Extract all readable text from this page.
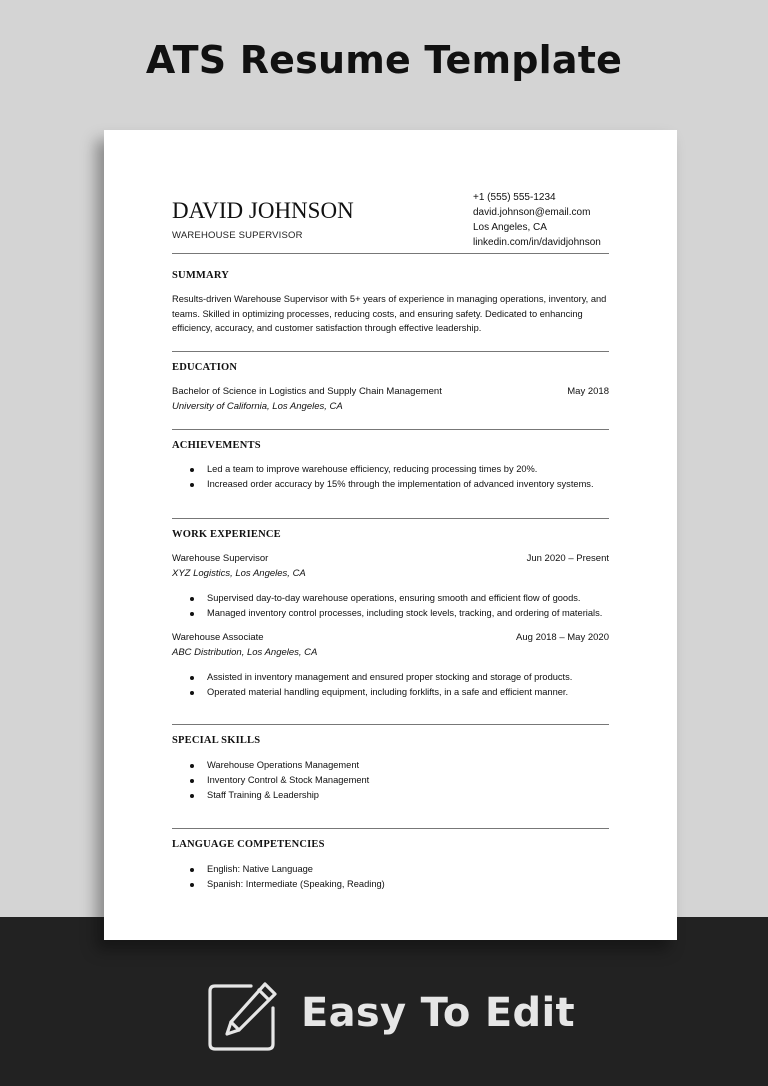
ATS Resume Template
DAVID JOHNSON
WAREHOUSE SUPERVISOR
+1 (555) 555-1234
david.johnson@email.com
Los Angeles, CA
linkedin.com/in/davidjohnson
SUMMARY
Results-driven Warehouse Supervisor with 5+ years of experience in managing operations, inventory, and teams. Skilled in optimizing processes, reducing costs, and ensuring safety. Dedicated to enhancing efficiency, accuracy, and customer satisfaction through effective leadership.
EDUCATION
Bachelor of Science in Logistics and Supply Chain Management	May 2018
University of California, Los Angeles, CA
ACHIEVEMENTS
Led a team to improve warehouse efficiency, reducing processing times by 20%.
Increased order accuracy by 15% through the implementation of advanced inventory systems.
WORK EXPERIENCE
Warehouse Supervisor	Jun 2020 – Present
XYZ Logistics, Los Angeles, CA
Supervised day-to-day warehouse operations, ensuring smooth and efficient flow of goods.
Managed inventory control processes, including stock levels, tracking, and ordering of materials.
Warehouse Associate	Aug 2018 – May 2020
ABC Distribution, Los Angeles, CA
Assisted in inventory management and ensured proper stocking and storage of products.
Operated material handling equipment, including forklifts, in a safe and efficient manner.
SPECIAL SKILLS
Warehouse Operations Management
Inventory Control & Stock Management
Staff Training & Leadership
LANGUAGE COMPETENCIES
English: Native Language
Spanish: Intermediate (Speaking, Reading)
Easy To Edit
